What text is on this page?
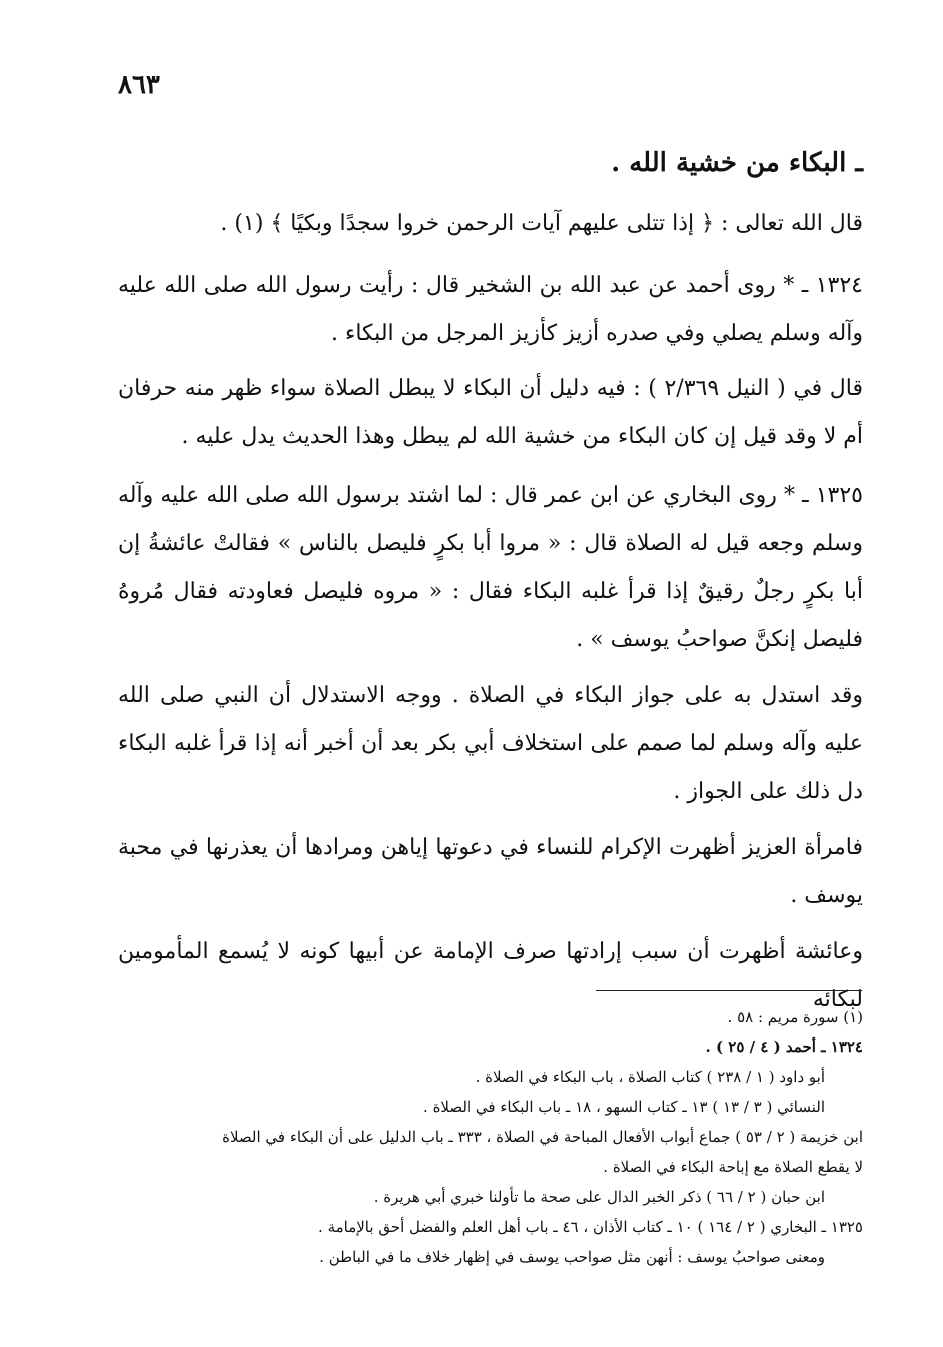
٨٦٣
ـ البكاء من خشية الله .

قال الله تعالى : ﴿ إذا تتلى عليهم آيات الرحمن خروا سجدًا وبكيًا ﴾ (١) .

١٣٢٤ ـ * روى أحمد عن عبد الله بن الشخير قال : رأيت رسول الله صلى الله عليه وآله وسلم يصلي وفي صدره أزيز كأزيز المرجل من البكاء .

قال في ( النيل ٢/٣٦٩ ) : فيه دليل أن البكاء لا يبطل الصلاة سواء ظهر منه حرفان أم لا وقد قيل إن كان البكاء من خشية الله لم يبطل وهذا الحديث يدل عليه .

١٣٢٥ ـ * روى البخاري عن ابن عمر قال : لما اشتد برسول الله صلى الله عليه وآله وسلم وجعه قيل له الصلاة قال : « مروا أبا بكرٍ فليصل بالناس » فقالتْ عائشةُ إن أبا بكرٍ رجلٌ رقيقٌ إذا قرأ غلبه البكاء فقال : « مروه فليصل فعاودته فقال مُروهُ فليصل إنكنَّ صواحبُ يوسف » .

وقد استدل به على جواز البكاء في الصلاة . ووجه الاستدلال أن النبي صلى الله عليه وآله وسلم لما صمم على استخلاف أبي بكر بعد أن أخبر أنه إذا قرأ غلبه البكاء دل ذلك على الجواز .

فامرأة العزيز أظهرت الإكرام للنساء في دعوتها إياهن ومرادها أن يعذرنها في محبة يوسف .

وعائشة أظهرت أن سبب إرادتها صرف الإمامة عن أبيها كونه لا يُسمع المأمومين لبكائه

(١) سورة مريم : ٥٨ .
١٣٢٤ ـ أحمد ( ٤ / ٢٥ ) .
أبو داود ( ١ / ٢٣٨ ) كتاب الصلاة ، باب البكاء في الصلاة .
النسائي ( ٣ / ١٣ ) ١٣ ـ كتاب السهو ، ١٨ ـ باب البكاء في الصلاة .
ابن خزيمة ( ٢ / ٥٣ ) جماع أبواب الأفعال المباحة في الصلاة ، ٣٣٣ ـ باب الدليل على أن البكاء في الصلاة
لا يقطع الصلاة مع إباحة البكاء في الصلاة .
ابن حبان ( ٢ / ٦٦ ) ذكر الخبر الدال على صحة ما تأولنا خبري أبي هريرة .
١٣٢٥ ـ البخاري ( ٢ / ١٦٤ ) ١٠ ـ كتاب الأذان ، ٤٦ ـ باب أهل العلم والفضل أحق بالإمامة .
ومعنى صواحبُ يوسف : أنهن مثل صواحب يوسف في إظهار خلاف ما في الباطن .
